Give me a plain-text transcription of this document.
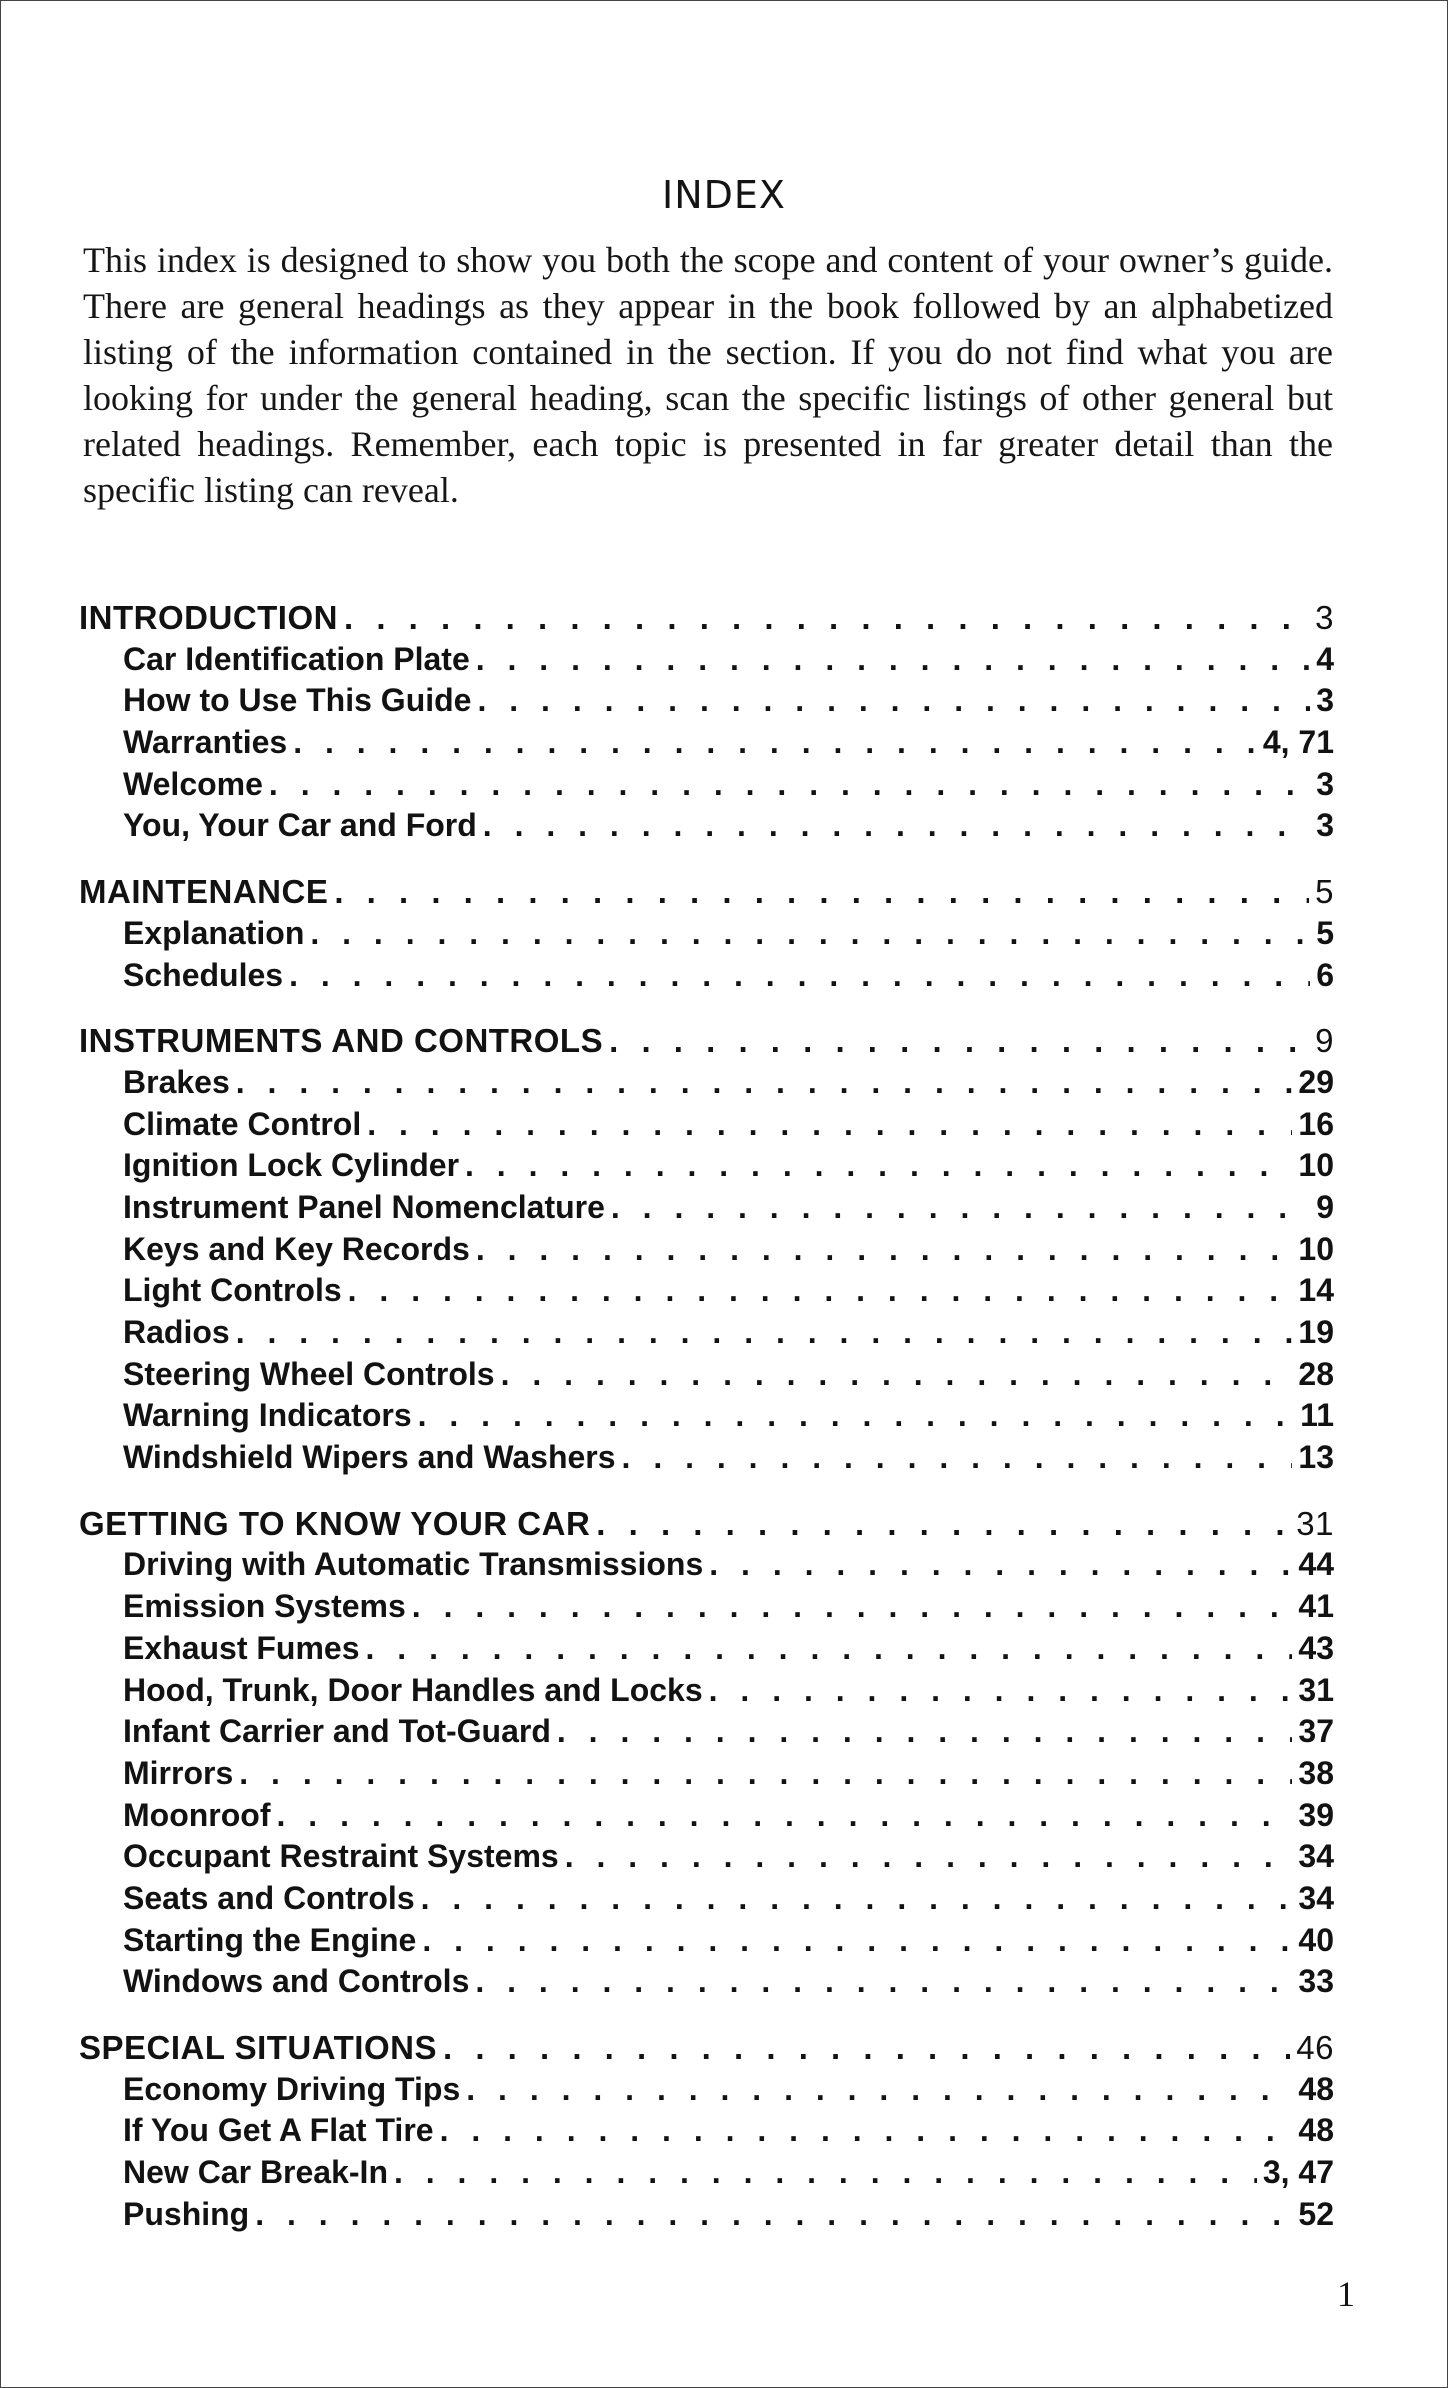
INDEX

This index is designed to show you both the scope and content of your owner’s guide. There are general headings as they appear in the book followed by an alphabetized listing of the information contained in the section. If you do not find what you are looking for under the general heading, scan the specific listings of other general but related headings. Remember, each topic is presented in far greater detail than the specific listing can reveal.

INTRODUCTION . . .	3
Car Identification Plate . . .	4
How to Use This Guide . . .	3
Warranties . . .	4, 71
Welcome . . .	3
You, Your Car and Ford . . .	3
MAINTENANCE . . .	5
Explanation . . .	5
Schedules . . .	6
INSTRUMENTS AND CONTROLS . . .	9
Brakes . . .	29
Climate Control . . .	16
Ignition Lock Cylinder . . .	10
Instrument Panel Nomenclature . . .	9
Keys and Key Records . . .	10
Light Controls . . .	14
Radios . . .	19
Steering Wheel Controls . . .	28
Warning Indicators . . .	11
Windshield Wipers and Washers . . .	13
GETTING TO KNOW YOUR CAR . . .	31
Driving with Automatic Transmissions . . .	44
Emission Systems . . .	41
Exhaust Fumes . . .	43
Hood, Trunk, Door Handles and Locks . . .	31
Infant Carrier and Tot-Guard . . .	37
Mirrors . . .	38
Moonroof . . .	39
Occupant Restraint Systems . . .	34
Seats and Controls . . .	34
Starting the Engine . . .	40
Windows and Controls . . .	33
SPECIAL SITUATIONS . . .	46
Economy Driving Tips . . .	48
If You Get A Flat Tire . . .	48
New Car Break-In . . .	3, 47
Pushing . . .	52
1
